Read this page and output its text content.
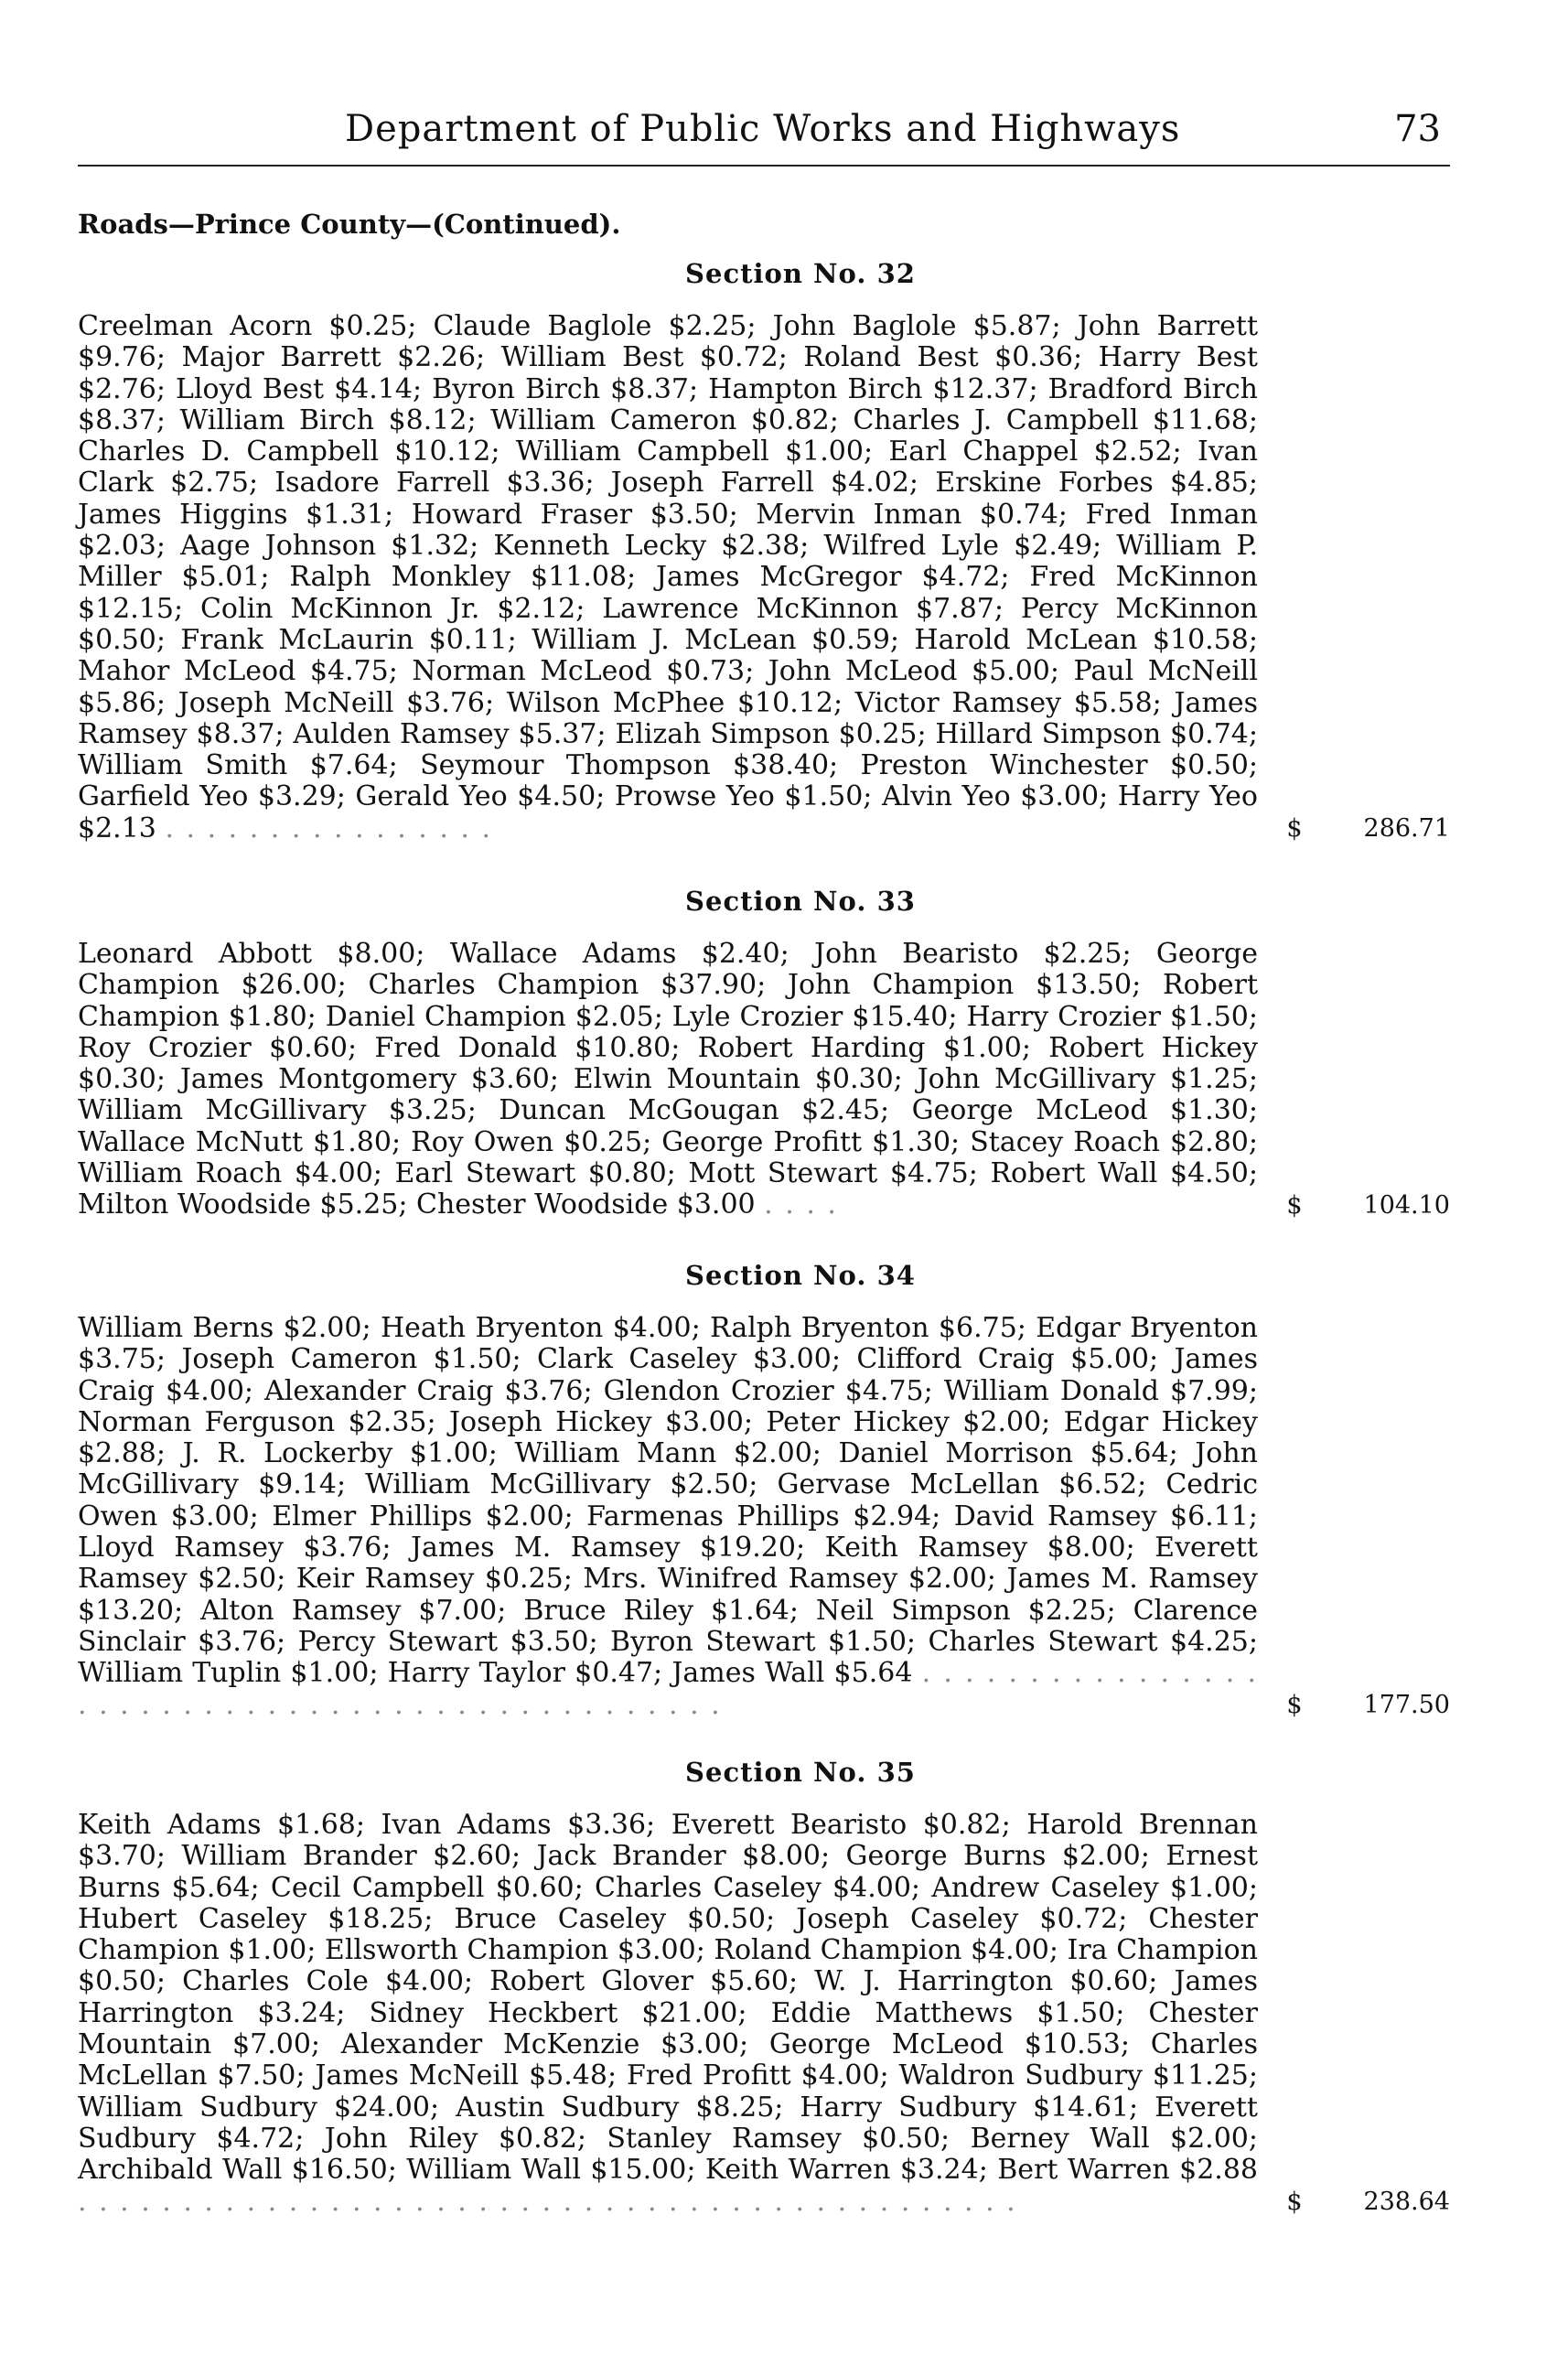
Department of Public Works and Highways	73
Roads—Prince County—(Continued).
Section No. 32
Creelman Acorn $0.25; Claude Baglole $2.25; John Baglole $5.87; John Barrett $9.76; Major Barrett $2.26; William Best $0.72; Roland Best $0.36; Harry Best $2.76; Lloyd Best $4.14; Byron Birch $8.37; Hampton Birch $12.37; Bradford Birch $8.37; William Birch $8.12; William Cameron $0.82; Charles J. Campbell $11.68; Charles D. Campbell $10.12; William Campbell $1.00; Earl Chappel $2.52; Ivan Clark $2.75; Isadore Farrell $3.36; Joseph Farrell $4.02; Erskine Forbes $4.85; James Higgins $1.31; Howard Fraser $3.50; Mervin Inman $0.74; Fred Inman $2.03; Aage Johnson $1.32; Kenneth Lecky $2.38; Wilfred Lyle $2.49; William P. Miller $5.01; Ralph Monkley $11.08; James McGregor $4.72; Fred McKinnon $12.15; Colin McKinnon Jr. $2.12; Lawrence McKinnon $7.87; Percy McKinnon $0.50; Frank McLaurin $0.11; William J. McLean $0.59; Harold McLean $10.58; Mahor McLeod $4.75; Norman McLeod $0.73; John McLeod $5.00; Paul McNeill $5.86; Joseph McNeill $3.76; Wilson McPhee $10.12; Victor Ramsey $5.58; James Ramsey $8.37; Aulden Ramsey $5.37; Elizah Simpson $0.25; Hillard Simpson $0.74; William Smith $7.64; Seymour Thompson $38.40; Preston Winchester $0.50; Garfield Yeo $3.29; Gerald Yeo $4.50; Prowse Yeo $1.50; Alvin Yeo $3.00; Harry Yeo $2.13 . . . . . . . . . . . . . . . .	$	286.71
Section No. 33
Leonard Abbott $8.00; Wallace Adams $2.40; John Bearisto $2.25; George Champion $26.00; Charles Champion $37.90; John Champion $13.50; Robert Champion $1.80; Daniel Champion $2.05; Lyle Crozier $15.40; Harry Crozier $1.50; Roy Crozier $0.60; Fred Donald $10.80; Robert Harding $1.00; Robert Hickey $0.30; James Montgomery $3.60; Elwin Mountain $0.30; John McGillivary $1.25; William McGillivary $3.25; Duncan McGougan $2.45; George McLeod $1.30; Wallace McNutt $1.80; Roy Owen $0.25; George Profitt $1.30; Stacey Roach $2.80; William Roach $4.00; Earl Stewart $0.80; Mott Stewart $4.75; Robert Wall $4.50; Milton Woodside $5.25; Chester Woodside $3.00 . . . .	$	104.10
Section No. 34
William Berns $2.00; Heath Bryenton $4.00; Ralph Bryenton $6.75; Edgar Bryenton $3.75; Joseph Cameron $1.50; Clark Caseley $3.00; Clifford Craig $5.00; James Craig $4.00; Alexander Craig $3.76; Glendon Crozier $4.75; William Donald $7.99; Norman Ferguson $2.35; Joseph Hickey $3.00; Peter Hickey $2.00; Edgar Hickey $2.88; J. R. Lockerby $1.00; William Mann $2.00; Daniel Morrison $5.64; John McGillivary $9.14; William McGillivary $2.50; Gervase McLellan $6.52; Cedric Owen $3.00; Elmer Phillips $2.00; Farmenas Phillips $2.94; David Ramsey $6.11; Lloyd Ramsey $3.76; James M. Ramsey $19.20; Keith Ramsey $8.00; Everett Ramsey $2.50; Keir Ramsey $0.25; Mrs. Winifred Ramsey $2.00; James M. Ramsey $13.20; Alton Ramsey $7.00; Bruce Riley $1.64; Neil Simpson $2.25; Clarence Sinclair $3.76; Percy Stewart $3.50; Byron Stewart $1.50; Charles Stewart $4.25; William Tuplin $1.00; Harry Taylor $0.47; James Wall $5.64 . . . . . . . . . . . . . . . . . . . . . . . . . . . . . . . . . . . . . . . . . . . . . . .	$	177.50
Section No. 35
Keith Adams $1.68; Ivan Adams $3.36; Everett Bearisto $0.82; Harold Brennan $3.70; William Brander $2.60; Jack Brander $8.00; George Burns $2.00; Ernest Burns $5.64; Cecil Campbell $0.60; Charles Caseley $4.00; Andrew Caseley $1.00; Hubert Caseley $18.25; Bruce Caseley $0.50; Joseph Caseley $0.72; Chester Champion $1.00; Ellsworth Champion $3.00; Roland Champion $4.00; Ira Champion $0.50; Charles Cole $4.00; Robert Glover $5.60; W. J. Harrington $0.60; James Harrington $3.24; Sidney Heckbert $21.00; Eddie Matthews $1.50; Chester Mountain $7.00; Alexander McKenzie $3.00; George McLeod $10.53; Charles McLellan $7.50; James McNeill $5.48; Fred Profitt $4.00; Waldron Sudbury $11.25; William Sudbury $24.00; Austin Sudbury $8.25; Harry Sudbury $14.61; Everett Sudbury $4.72; John Riley $0.82; Stanley Ramsey $0.50; Berney Wall $2.00; Archibald Wall $16.50; William Wall $15.00; Keith Warren $3.24; Bert Warren $2.88 . . . . . . . . . . . . . . . . . . . . . . . . . . . . . . . . . . . . . . . . . . . . .	$	238.64
